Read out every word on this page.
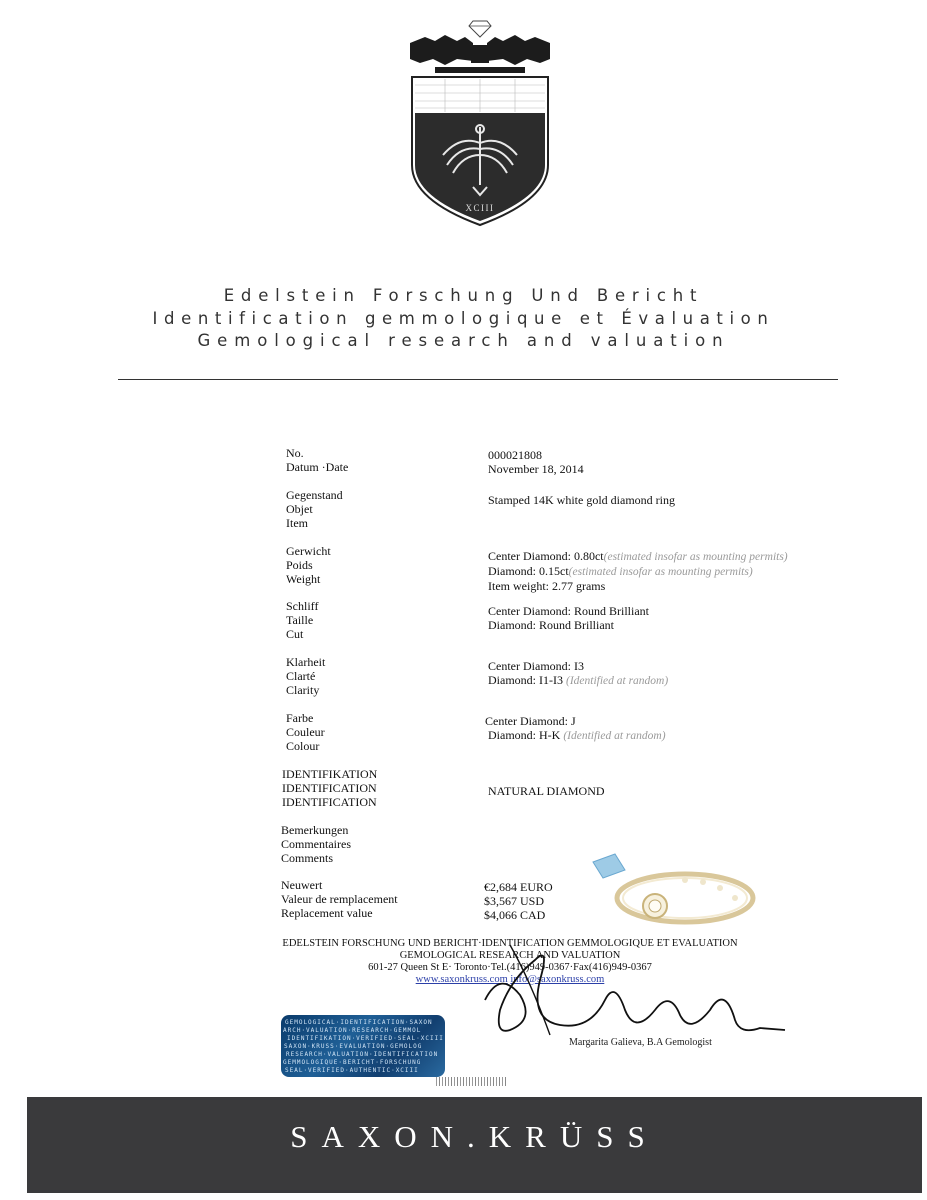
XCIII
Edelstein Forschung Und Bericht
Identification gemmologique et Évaluation
Gemological research and valuation
No.
Datum ·Date
000021808
November 18, 2014
Gegenstand
Objet
Item
Stamped 14K white gold diamond ring
Gerwicht
Poids
Weight
Center Diamond: 0.80ct(estimated insofar as mounting permits)
Diamond: 0.15ct(estimated insofar as mounting permits)
Item weight: 2.77 grams
Schliff
Taille
Cut
Center Diamond: Round Brilliant
Diamond: Round Brilliant
Klarheit
Clarté
Clarity
Center Diamond: I3
Diamond: I1-I3 (Identified at random)
Farbe
Couleur
Colour
Center Diamond: J
Diamond: H-K (Identified at random)
IDENTIFIKATION
IDENTIFICATION
IDENTIFICATION
NATURAL DIAMOND
Bemerkungen
Commentaires
Comments
Neuwert
Valeur de remplacement
Replacement value
€2,684 EURO
$3,567 USD
$4,066 CAD
EDELSTEIN FORSCHUNG UND BERICHT·IDENTIFICATION GEMMOLOGIQUE ET EVALUATION
GEMOLOGICAL RESEARCH AND VALUATION
601-27 Queen St E· Toronto·Tel.(416)949-0367·Fax(416)949-0367
www.saxonkruss.com info@saxonkruss.com
Margarita Galieva, B.A Gemologist
GEMOLOGICAL·IDENTIFICATION·SAXON
ARCH·VALUATION·RESEARCH·GEMMOL
IDENTIFIKATION·VERIFIED·SEAL·XCIII
SAXON·KRUSS·EVALUATION·GEMOLOG
RESEARCH·VALUATION·IDENTIFICATION
GEMMOLOGIQUE·BERICHT·FORSCHUNG
SEAL·VERIFIED·AUTHENTIC·XCIII
SAXON.KRÜSS
